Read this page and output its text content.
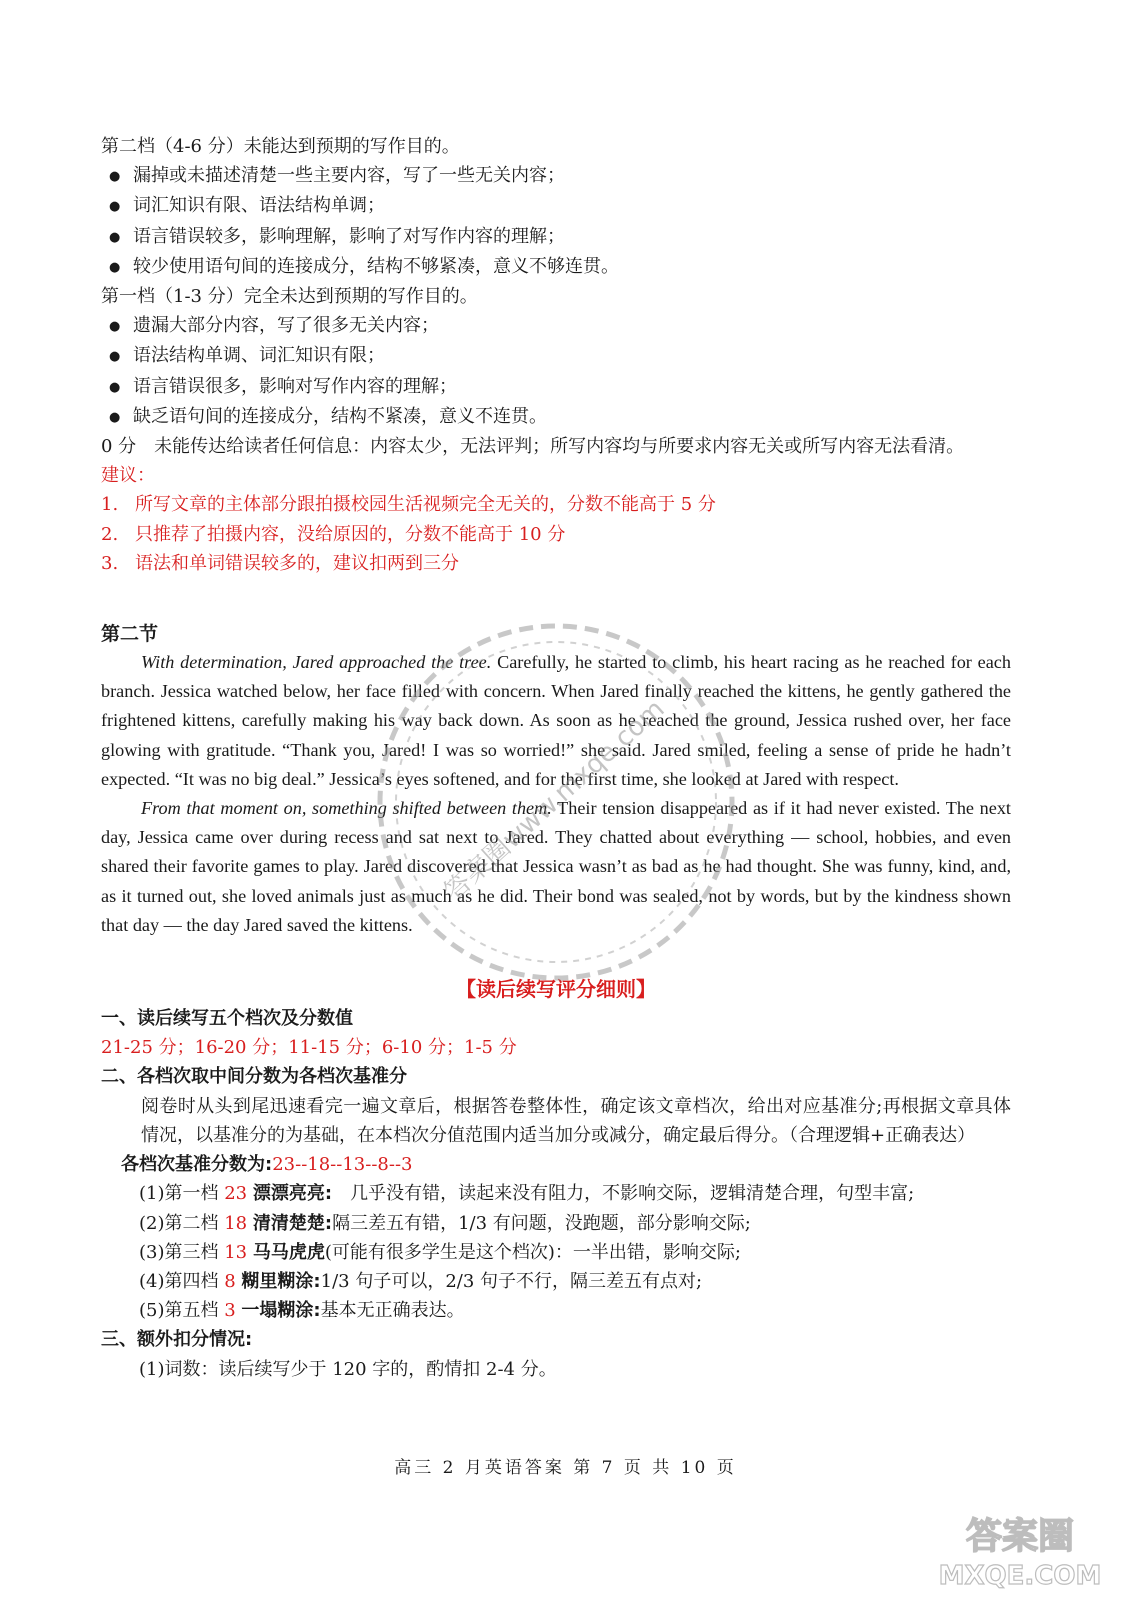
第二档（4-6 分）未能达到预期的写作目的。
● 漏掉或未描述清楚一些主要内容，写了一些无关内容；
● 词汇知识有限、语法结构单调；
● 语言错误较多，影响理解，影响了对写作内容的理解；
● 较少使用语句间的连接成分，结构不够紧凑，意义不够连贯。
第一档（1-3 分）完全未达到预期的写作目的。
● 遗漏大部分内容，写了很多无关内容；
● 语法结构单调、词汇知识有限；
● 语言错误很多，影响对写作内容的理解；
● 缺乏语句间的连接成分，结构不紧凑，意义不连贯。
0 分　未能传达给读者任何信息：内容太少，无法评判；所写内容均与所要求内容无关或所写内容无法看清。
建议：
1. 所写文章的主体部分跟拍摄校园生活视频完全无关的，分数不能高于 5 分
2. 只推荐了拍摄内容，没给原因的，分数不能高于 10 分
3. 语法和单词错误较多的，建议扣两到三分
第二节

With determination, Jared approached the tree. Carefully, he started to climb, his heart racing as he reached for each branch. Jessica watched below, her face filled with concern. When Jared finally reached the kittens, he gently gathered the frightened kittens, carefully making his way back down. As soon as he reached the ground, Jessica rushed over, her face glowing with gratitude. “Thank you, Jared! I was so worried!” she said. Jared smiled, feeling a sense of pride he hadn’t expected. “It was no big deal.” Jessica’s eyes softened, and for the first time, she looked at Jared with respect.

From that moment on, something shifted between them. Their tension disappeared as if it had never existed. The next day, Jessica came over during recess and sat next to Jared. They chatted about everything — school, hobbies, and even shared their favorite games to play. Jared discovered that Jessica wasn’t as bad as he had thought. She was funny, kind, and, as it turned out, she loved animals just as much as he did. Their bond was sealed, not by words, but by the kindness shown that day — the day Jared saved the kittens.

【读后续写评分细则】
一、读后续写五个档次及分数值
21-25 分；16-20 分；11-15 分；6-10 分；1-5 分
二、各档次取中间分数为各档次基准分
阅卷时从头到尾迅速看完一遍文章后，根据答卷整体性，确定该文章档次，给出对应基准分;再根据文章具体情况，以基准分的为基础，在本档次分值范围内适当加分或减分，确定最后得分。（合理逻辑+正确表达）
各档次基准分数为:23--18--13--8--3
(1)第一档 23 漂漂亮亮:　几乎没有错，读起来没有阻力，不影响交际，逻辑清楚合理，句型丰富;
(2)第二档 18 清清楚楚:隔三差五有错，1/3 有问题，没跑题，部分影响交际;
(3)第三档 13 马马虎虎(可能有很多学生是这个档次)：一半出错，影响交际;
(4)第四档 8 糊里糊涂:1/3 句子可以，2/3 句子不行，隔三差五有点对;
(5)第五档 3 一塌糊涂:基本无正确表达。
三、额外扣分情况:
(1)词数：读后续写少于 120 字的，酌情扣 2-4 分。
高三 2 月英语答案 第 7 页 共 10 页
答案圈www.mxqe.com
答案圈
MXQE.COM
